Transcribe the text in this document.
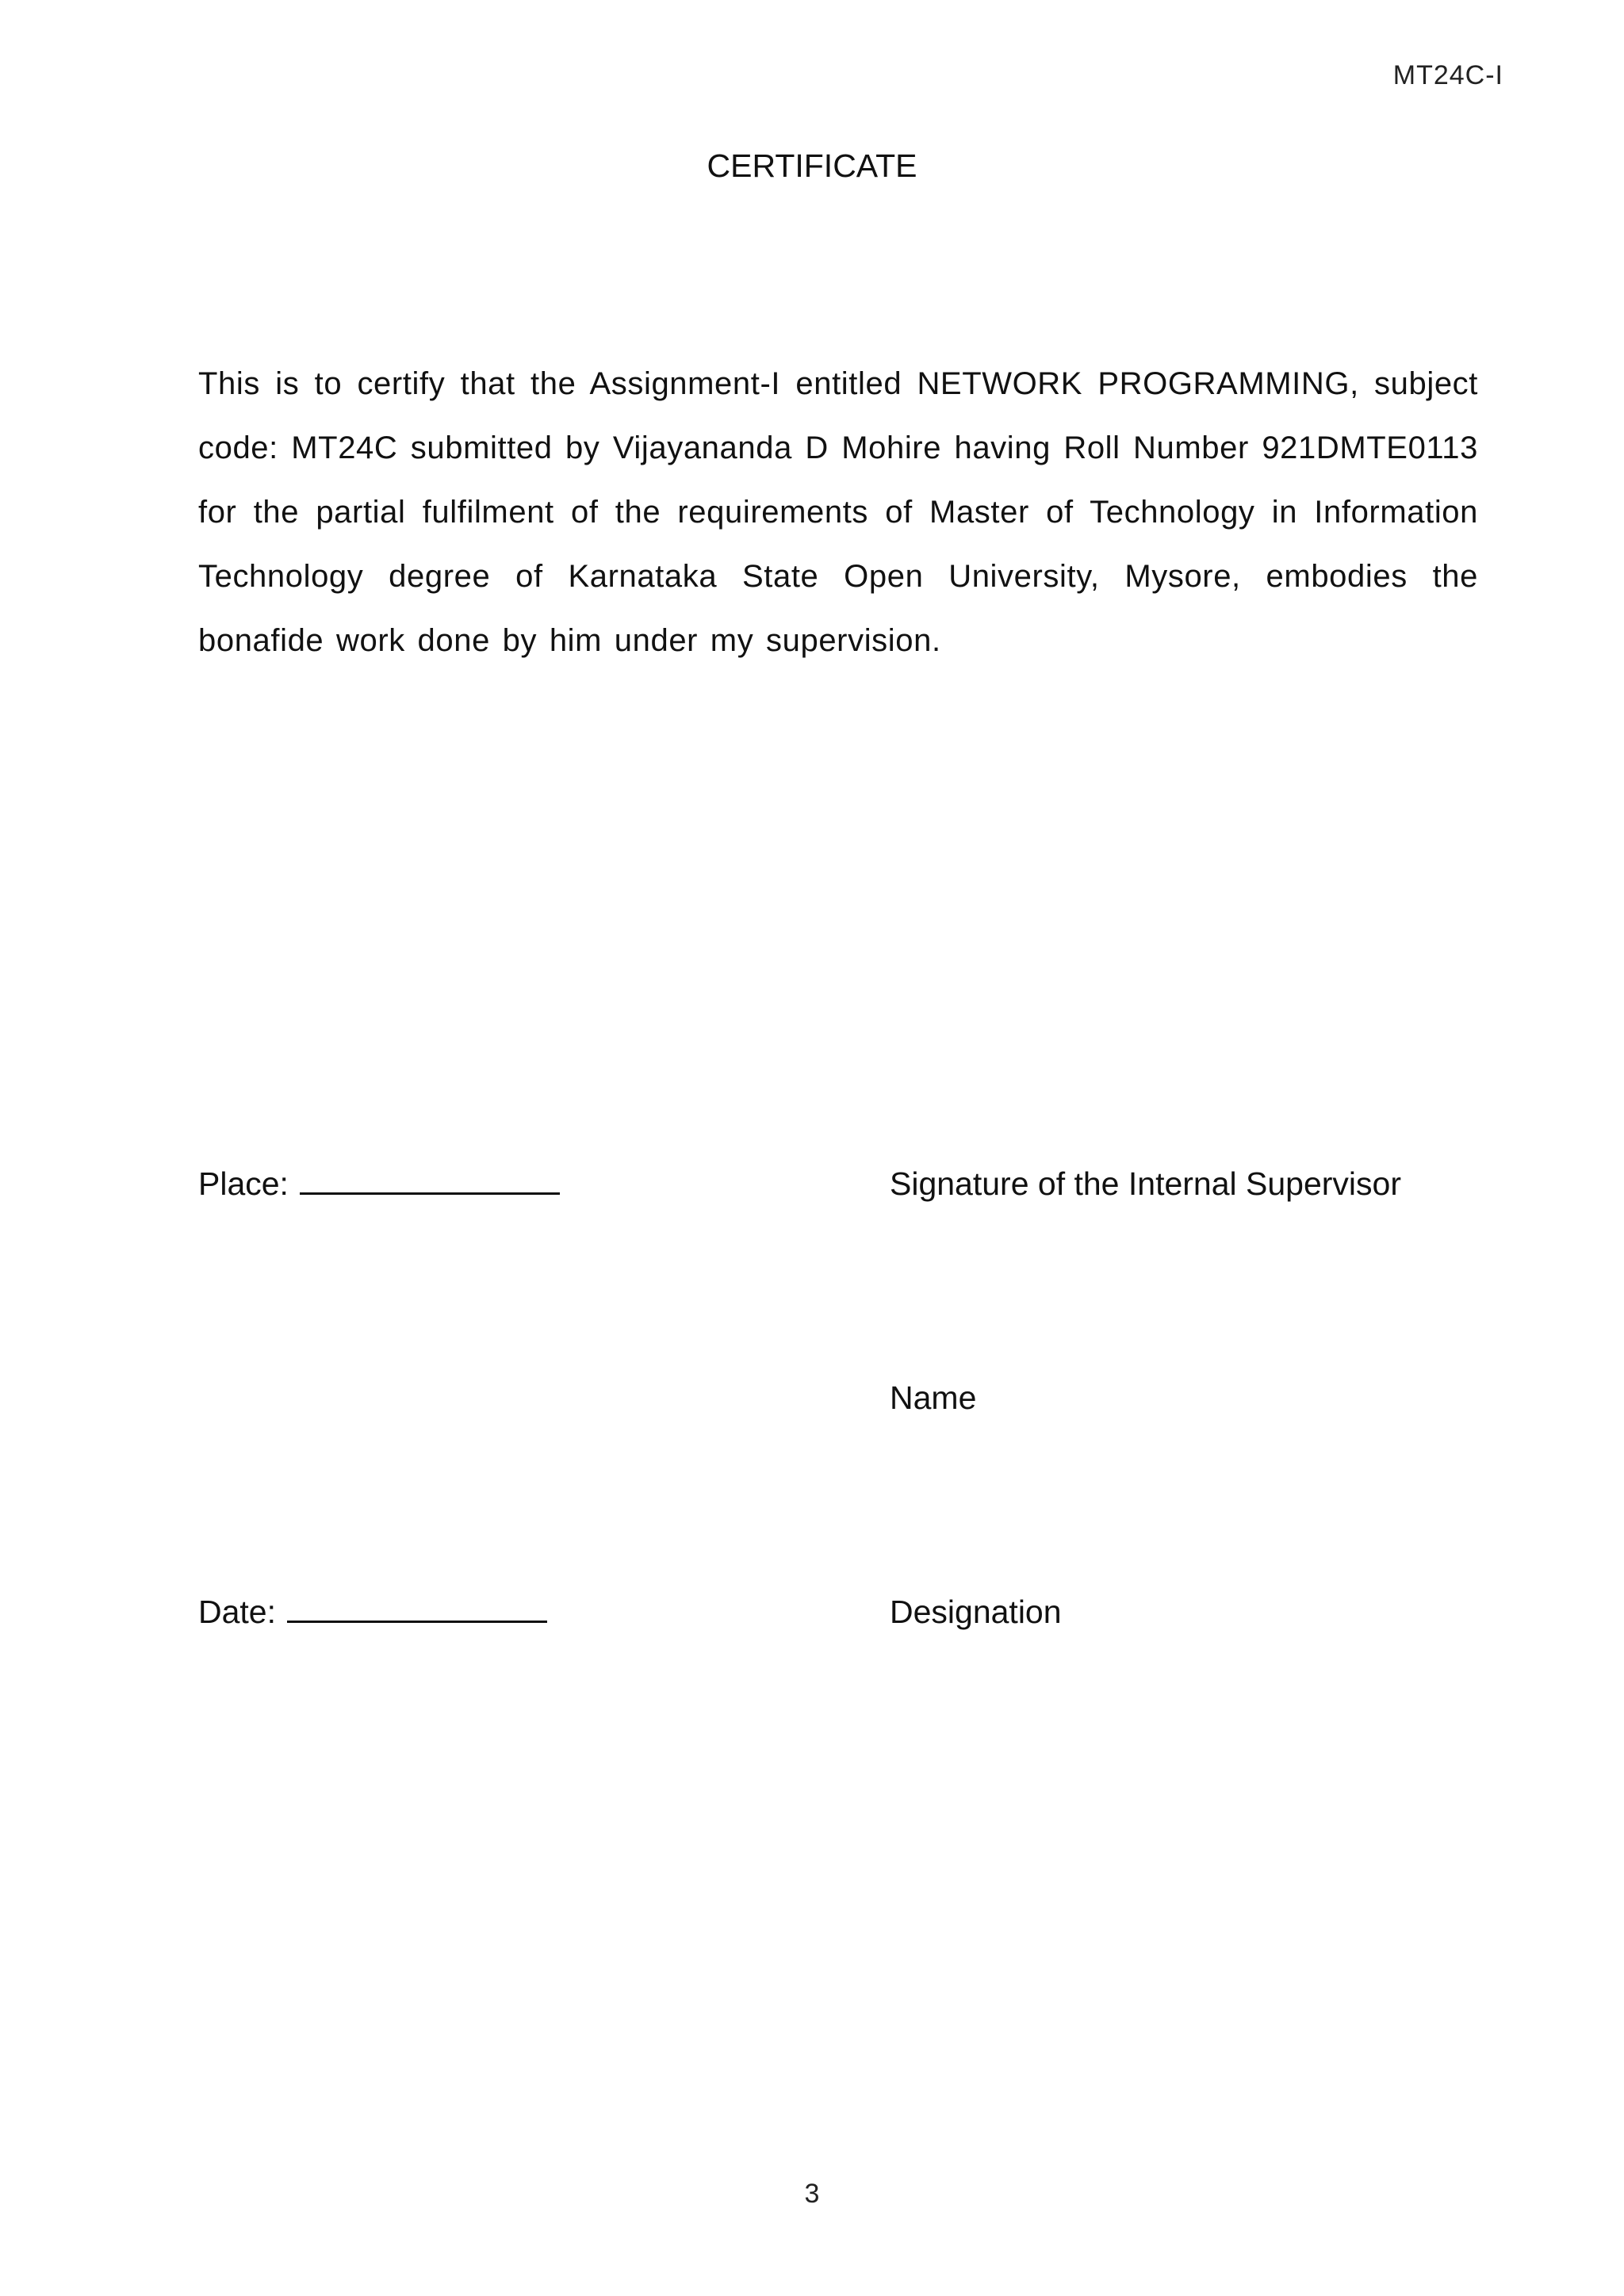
MT24C-I
CERTIFICATE
This is to certify that the Assignment-I entitled NETWORK PROGRAMMING, subject code: MT24C submitted by Vijayananda D Mohire having Roll Number 921DMTE0113 for the partial fulfilment of the requirements of Master of Technology in Information Technology degree of Karnataka State Open University, Mysore, embodies the bonafide work done by him under my supervision.
Place:	Signature of the Internal Supervisor
Name
Date:	Designation
3
